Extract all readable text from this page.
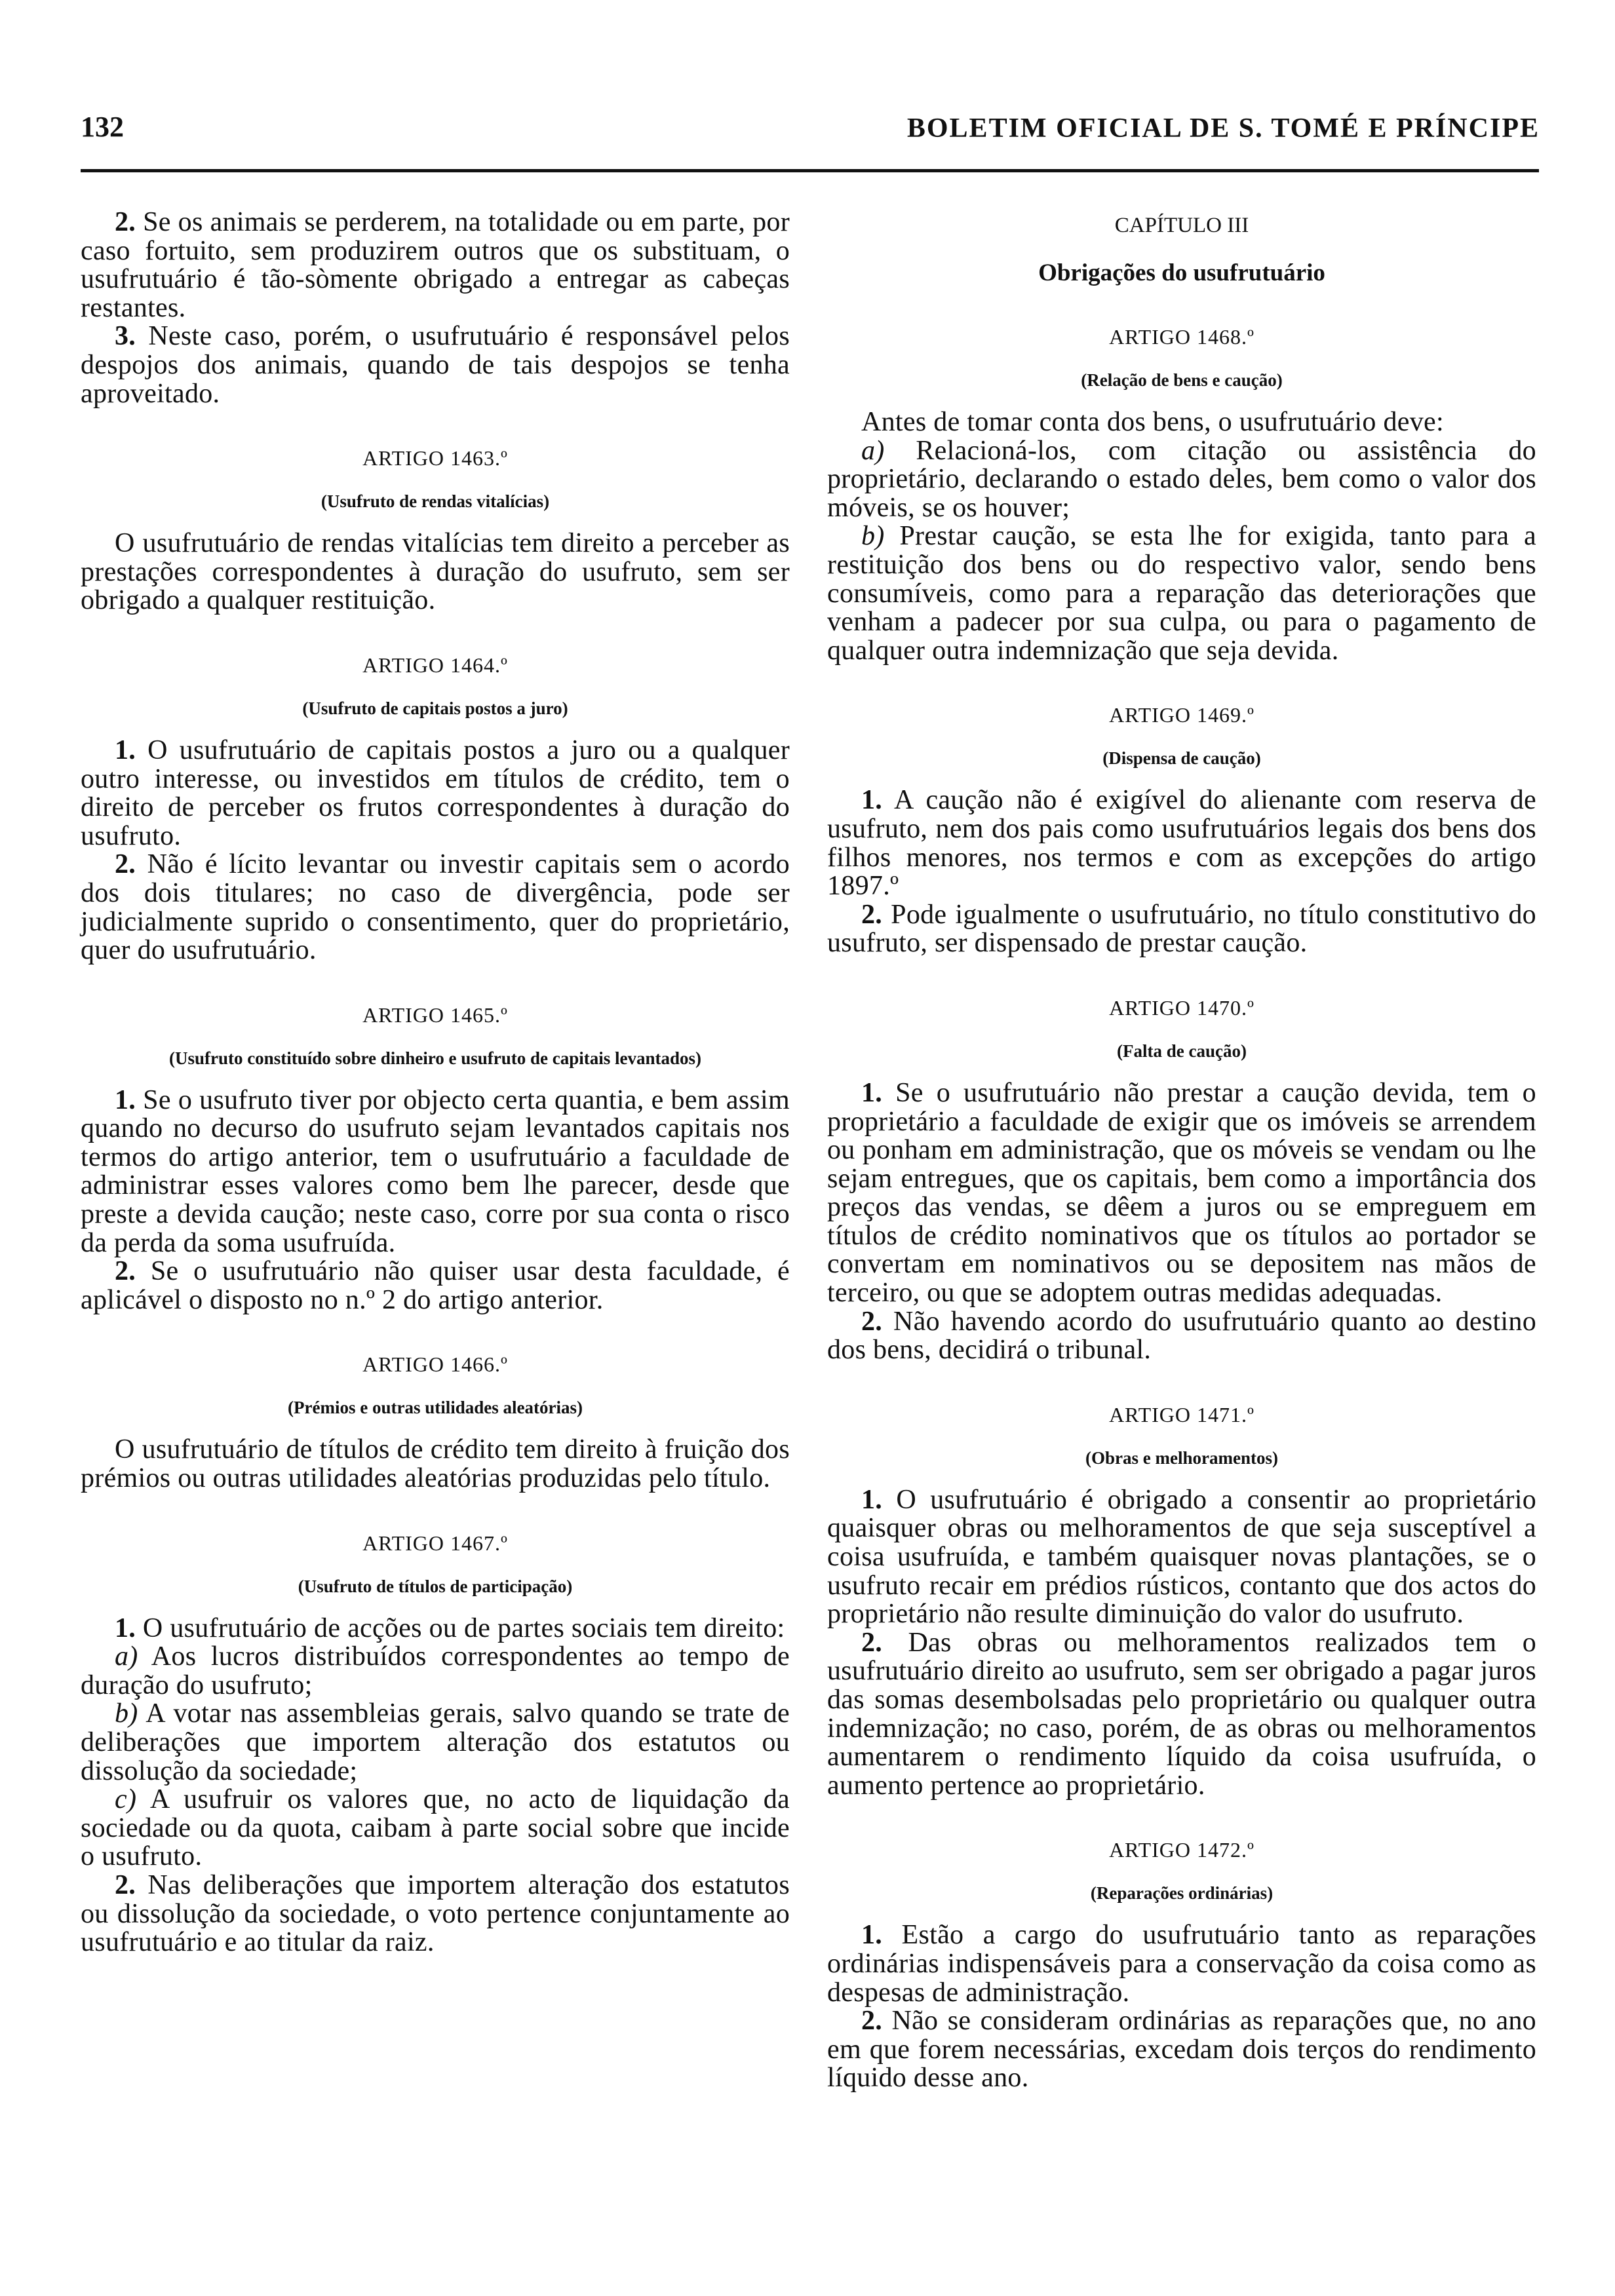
132	BOLETIM OFICIAL DE S. TOMÉ E PRÍNCIPE
2. Se os animais se perderem, na totalidade ou em parte, por caso fortuito, sem produzirem outros que os substituam, o usufrutuário é tão-sòmente obrigado a entregar as cabeças restantes.
3. Neste caso, porém, o usufrutuário é responsável pelos despojos dos animais, quando de tais despojos se tenha aproveitado.
ARTIGO 1463.º
(Usufruto de rendas vitalícias)
O usufrutuário de rendas vitalícias tem direito a perceber as prestações correspondentes à duração do usufruto, sem ser obrigado a qualquer restituição.
ARTIGO 1464.º
(Usufruto de capitais postos a juro)
1. O usufrutuário de capitais postos a juro ou a qualquer outro interesse, ou investidos em títulos de crédito, tem o direito de perceber os frutos correspondentes à duração do usufruto.
2. Não é lícito levantar ou investir capitais sem o acordo dos dois titulares; no caso de divergência, pode ser judicialmente suprido o consentimento, quer do proprietário, quer do usufrutuário.
ARTIGO 1465.º
(Usufruto constituído sobre dinheiro e usufruto de capitais levantados)
1. Se o usufruto tiver por objecto certa quantia, e bem assim quando no decurso do usufruto sejam levantados capitais nos termos do artigo anterior, tem o usufrutuário a faculdade de administrar esses valores como bem lhe parecer, desde que preste a devida caução; neste caso, corre por sua conta o risco da perda da soma usufruída.
2. Se o usufrutuário não quiser usar desta faculdade, é aplicável o disposto no n.º 2 do artigo anterior.
ARTIGO 1466.º
(Prémios e outras utilidades aleatórias)
O usufrutuário de títulos de crédito tem direito à fruição dos prémios ou outras utilidades aleatórias produzidas pelo título.
ARTIGO 1467.º
(Usufruto de títulos de participação)
1. O usufrutuário de acções ou de partes sociais tem direito:
a) Aos lucros distribuídos correspondentes ao tempo de duração do usufruto;
b) A votar nas assembleias gerais, salvo quando se trate de deliberações que importem alteração dos estatutos ou dissolução da sociedade;
c) A usufruir os valores que, no acto de liquidação da sociedade ou da quota, caibam à parte social sobre que incide o usufruto.
2. Nas deliberações que importem alteração dos estatutos ou dissolução da sociedade, o voto pertence conjuntamente ao usufrutuário e ao titular da raiz.
CAPÍTULO III
Obrigações do usufrutuário
ARTIGO 1468.º
(Relação de bens e caução)
Antes de tomar conta dos bens, o usufrutuário deve:
a) Relacioná-los, com citação ou assistência do proprietário, declarando o estado deles, bem como o valor dos móveis, se os houver;
b) Prestar caução, se esta lhe for exigida, tanto para a restituição dos bens ou do respectivo valor, sendo bens consumíveis, como para a reparação das deteriorações que venham a padecer por sua culpa, ou para o pagamento de qualquer outra indemnização que seja devida.
ARTIGO 1469.º
(Dispensa de caução)
1. A caução não é exigível do alienante com reserva de usufruto, nem dos pais como usufrutuários legais dos bens dos filhos menores, nos termos e com as excepções do artigo 1897.º
2. Pode igualmente o usufrutuário, no título constitutivo do usufruto, ser dispensado de prestar caução.
ARTIGO 1470.º
(Falta de caução)
1. Se o usufrutuário não prestar a caução devida, tem o proprietário a faculdade de exigir que os imóveis se arrendem ou ponham em administração, que os móveis se vendam ou lhe sejam entregues, que os capitais, bem como a importância dos preços das vendas, se dêem a juros ou se empreguem em títulos de crédito nominativos que os títulos ao portador se convertam em nominativos ou se depositem nas mãos de terceiro, ou que se adoptem outras medidas adequadas.
2. Não havendo acordo do usufrutuário quanto ao destino dos bens, decidirá o tribunal.
ARTIGO 1471.º
(Obras e melhoramentos)
1. O usufrutuário é obrigado a consentir ao proprietário quaisquer obras ou melhoramentos de que seja susceptível a coisa usufruída, e também quaisquer novas plantações, se o usufruto recair em prédios rústicos, contanto que dos actos do proprietário não resulte diminuição do valor do usufruto.
2. Das obras ou melhoramentos realizados tem o usufrutuário direito ao usufruto, sem ser obrigado a pagar juros das somas desembolsadas pelo proprietário ou qualquer outra indemnização; no caso, porém, de as obras ou melhoramentos aumentarem o rendimento líquido da coisa usufruída, o aumento pertence ao proprietário.
ARTIGO 1472.º
(Reparações ordinárias)
1. Estão a cargo do usufrutuário tanto as reparações ordinárias indispensáveis para a conservação da coisa como as despesas de administração.
2. Não se consideram ordinárias as reparações que, no ano em que forem necessárias, excedam dois terços do rendimento líquido desse ano.
